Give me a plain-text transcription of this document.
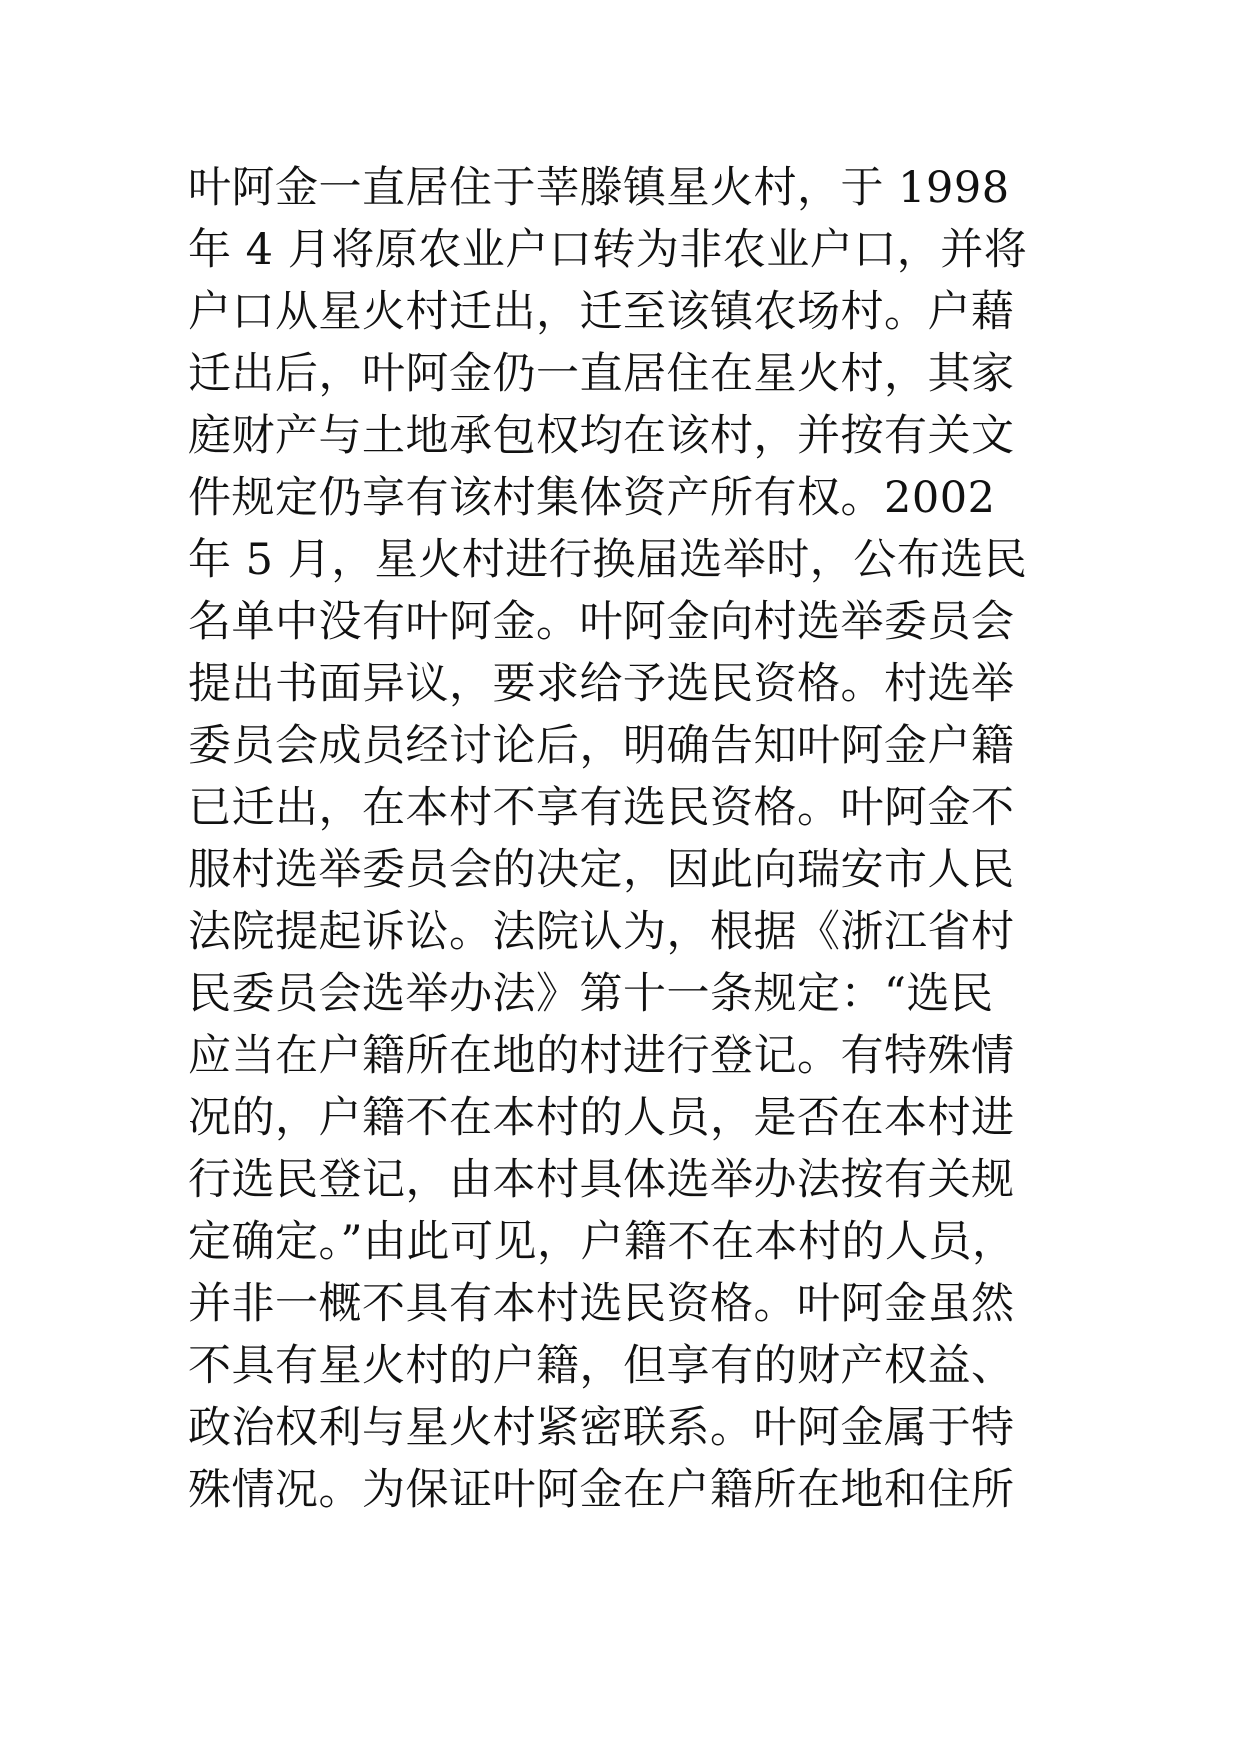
叶阿金一直居住于莘滕镇星火村，于 1998
年 4 月将原农业户口转为非农业户口，并将
户口从星火村迁出，迁至该镇农场村。户藉
迁出后，叶阿金仍一直居住在星火村，其家
庭财产与土地承包权均在该村，并按有关文
件规定仍享有该村集体资产所有权。2002
年 5 月，星火村进行换届选举时，公布选民
名单中没有叶阿金。叶阿金向村选举委员会
提出书面异议，要求给予选民资格。村选举
委员会成员经讨论后，明确告知叶阿金户籍
已迁出，在本村不享有选民资格。叶阿金不
服村选举委员会的决定，因此向瑞安市人民
法院提起诉讼。法院认为，根据《浙江省村
民委员会选举办法》第十一条规定：“选民
应当在户籍所在地的村进行登记。有特殊情
况的，户籍不在本村的人员，是否在本村进
行选民登记，由本村具体选举办法按有关规
定确定。”由此可见，户籍不在本村的人员，
并非一概不具有本村选民资格。叶阿金虽然
不具有星火村的户籍，但享有的财产权益、
政治权利与星火村紧密联系。叶阿金属于特
殊情况。为保证叶阿金在户籍所在地和住所
